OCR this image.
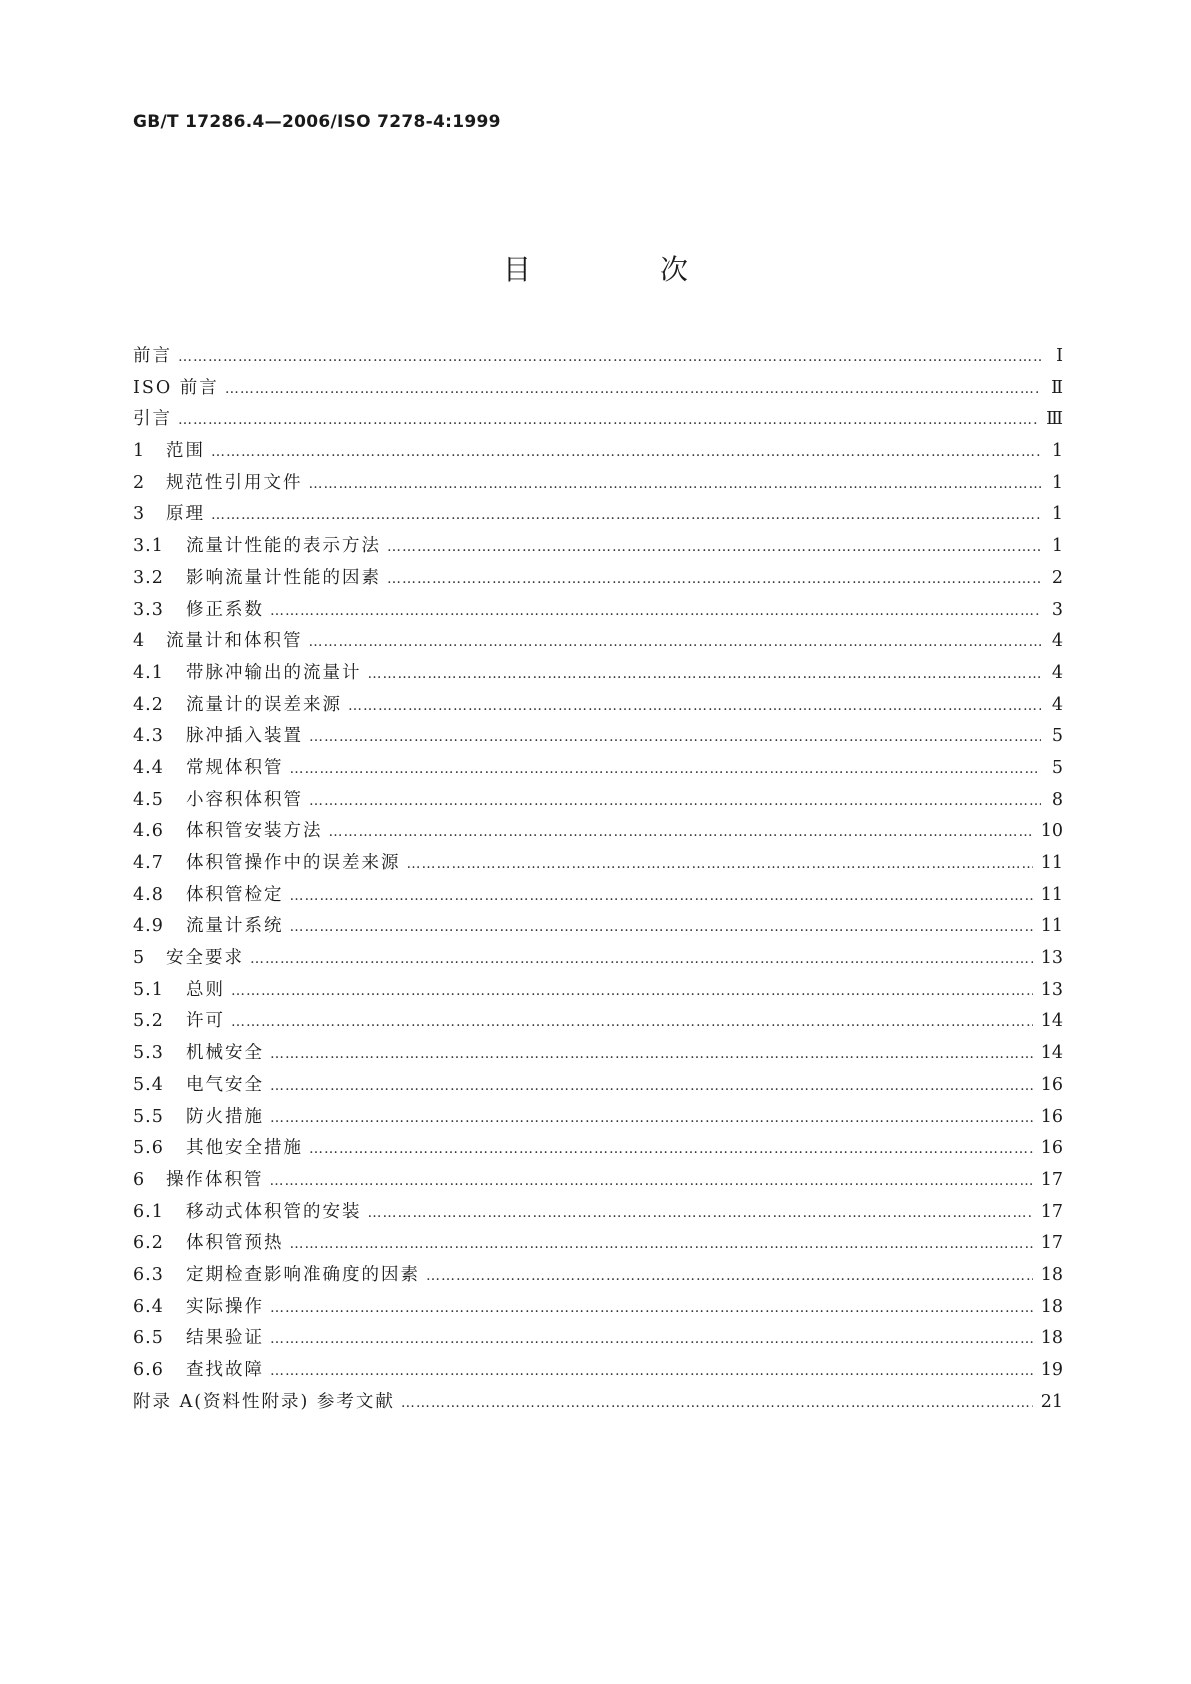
GB/T 17286.4—2006/ISO 7278-4:1999
目 次
前言 ……………………………………………………………………………………………………………………………………………………………………………………………………………………	Ⅰ
ISO 前言 ……………………………………………………………………………………………………………………………………………………………………………………………………………………	Ⅱ
引言 ……………………………………………………………………………………………………………………………………………………………………………………………………………………	Ⅲ
1	范围 ……………………………………………………………………………………………………………………………………………………………………………………………………………………	1
2	规范性引用文件 ……………………………………………………………………………………………………………………………………………………………………………………………………………………	1
3	原理 ……………………………………………………………………………………………………………………………………………………………………………………………………………………	1
3.1	流量计性能的表示方法 ……………………………………………………………………………………………………………………………………………………………………………………………………………………	1
3.2	影响流量计性能的因素 ……………………………………………………………………………………………………………………………………………………………………………………………………………………	2
3.3	修正系数 ……………………………………………………………………………………………………………………………………………………………………………………………………………………	3
4	流量计和体积管 ……………………………………………………………………………………………………………………………………………………………………………………………………………………	4
4.1	带脉冲输出的流量计 ……………………………………………………………………………………………………………………………………………………………………………………………………………………	4
4.2	流量计的误差来源 ……………………………………………………………………………………………………………………………………………………………………………………………………………………	4
4.3	脉冲插入装置 ……………………………………………………………………………………………………………………………………………………………………………………………………………………	5
4.4	常规体积管 ……………………………………………………………………………………………………………………………………………………………………………………………………………………	5
4.5	小容积体积管 ……………………………………………………………………………………………………………………………………………………………………………………………………………………	8
4.6	体积管安装方法 ……………………………………………………………………………………………………………………………………………………………………………………………………………………	10
4.7	体积管操作中的误差来源 ……………………………………………………………………………………………………………………………………………………………………………………………………………………	11
4.8	体积管检定 ……………………………………………………………………………………………………………………………………………………………………………………………………………………	11
4.9	流量计系统 ……………………………………………………………………………………………………………………………………………………………………………………………………………………	11
5	安全要求 ……………………………………………………………………………………………………………………………………………………………………………………………………………………	13
5.1	总则 ……………………………………………………………………………………………………………………………………………………………………………………………………………………	13
5.2	许可 ……………………………………………………………………………………………………………………………………………………………………………………………………………………	14
5.3	机械安全 ……………………………………………………………………………………………………………………………………………………………………………………………………………………	14
5.4	电气安全 ……………………………………………………………………………………………………………………………………………………………………………………………………………………	16
5.5	防火措施 ……………………………………………………………………………………………………………………………………………………………………………………………………………………	16
5.6	其他安全措施 ……………………………………………………………………………………………………………………………………………………………………………………………………………………	16
6	操作体积管 ……………………………………………………………………………………………………………………………………………………………………………………………………………………	17
6.1	移动式体积管的安装 ……………………………………………………………………………………………………………………………………………………………………………………………………………………	17
6.2	体积管预热 ……………………………………………………………………………………………………………………………………………………………………………………………………………………	17
6.3	定期检查影响准确度的因素 ……………………………………………………………………………………………………………………………………………………………………………………………………………………	18
6.4	实际操作 ……………………………………………………………………………………………………………………………………………………………………………………………………………………	18
6.5	结果验证 ……………………………………………………………………………………………………………………………………………………………………………………………………………………	18
6.6	查找故障 ……………………………………………………………………………………………………………………………………………………………………………………………………………………	19
附录 A(资料性附录) 参考文献 ……………………………………………………………………………………………………………………………………………………………………………………………………………………	21
